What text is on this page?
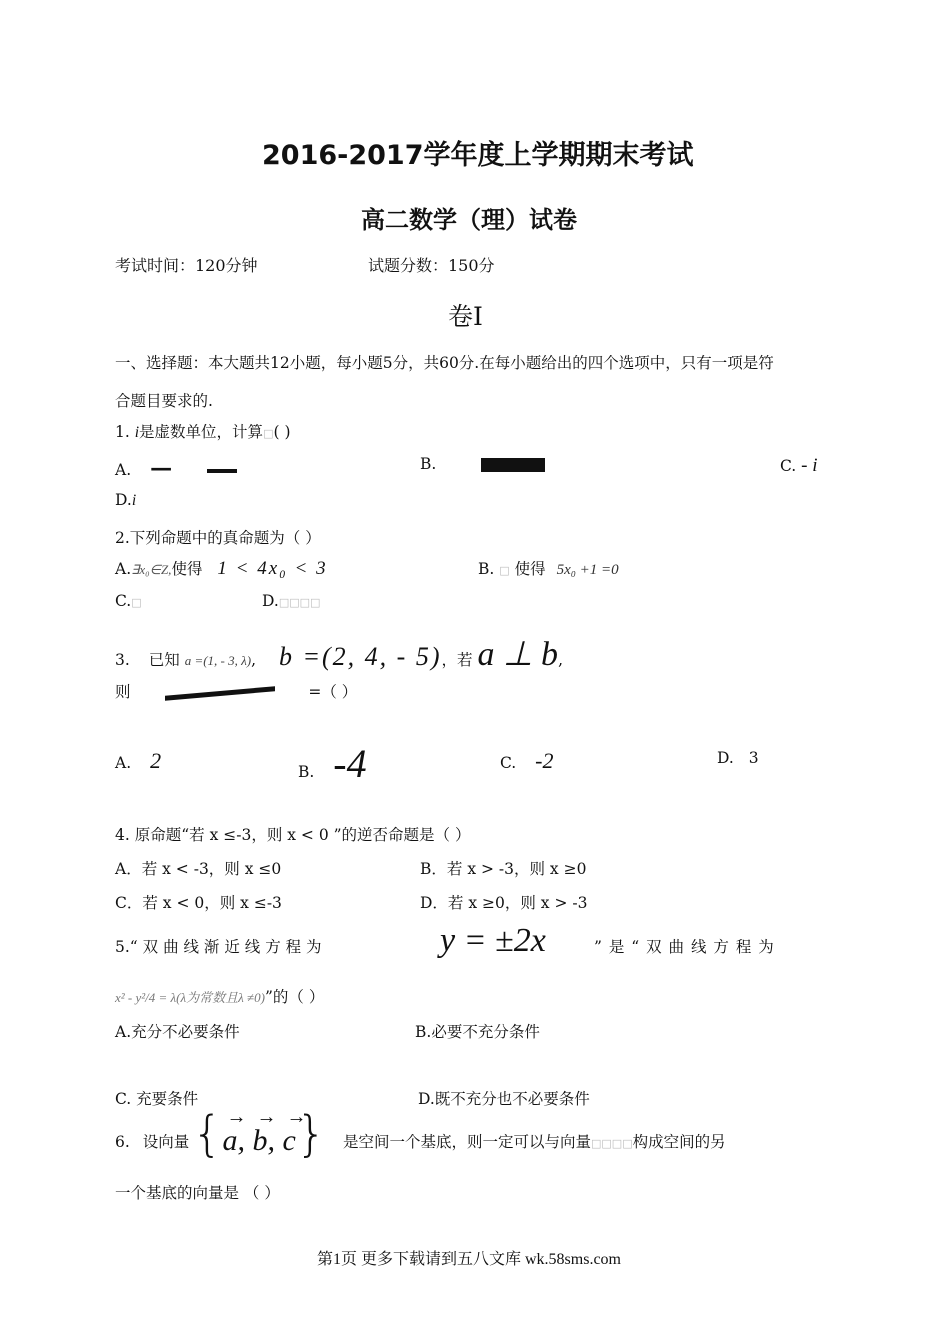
2016-2017学年度上学期期末考试
高二数学（理）试卷
考试时间：120分钟	试题分数：150分
卷Ⅰ
一、选择题：本大题共12小题，每小题5分，共60分.在每小题给出的四个选项中，只有一项是符
合题目要求的.
1. i是虚数单位，计算□( )
A. —	B.	C. - i
D.i
2.下列命题中的真命题为（ ）
A.∃x₀∈Z,使得 1 < 4x₀ < 3	B. □ 使得 5x₀ +1 =0
C.□	D.□□□□
3. 已知 a =(1, - 3, λ), b =(2, 4, - 5)，若 a ⊥ b,
则	=（ ）
A. 2	B. -4	C. -2	D. 3
4. 原命题“若 x ≤-3，则 x < 0 ”的逆否命题是（ ）
A．若 x < -3，则 x ≤0	B．若 x > -3，则 x ≥0
C．若 x < 0，则 x ≤-3	D．若 x ≥0，则 x > -3
5.“ 双 曲 线 渐 近 线 方 程 为	y = ±2x	” 是 “ 双 曲 线 方 程 为
x² - y²/4 = λ(λ为常数且λ ≠0)”的（ ）
A.充分不必要条件	B.必要不充分条件
C. 充要条件	D.既不充分也不必要条件
6. 设向量 {→ a, → b, → c} 是空间一个基底，则一定可以与向量□□□□构成空间的另
一个基底的向量是 （ ）
第1页 更多下载请到五八文库 wk.58sms.com
